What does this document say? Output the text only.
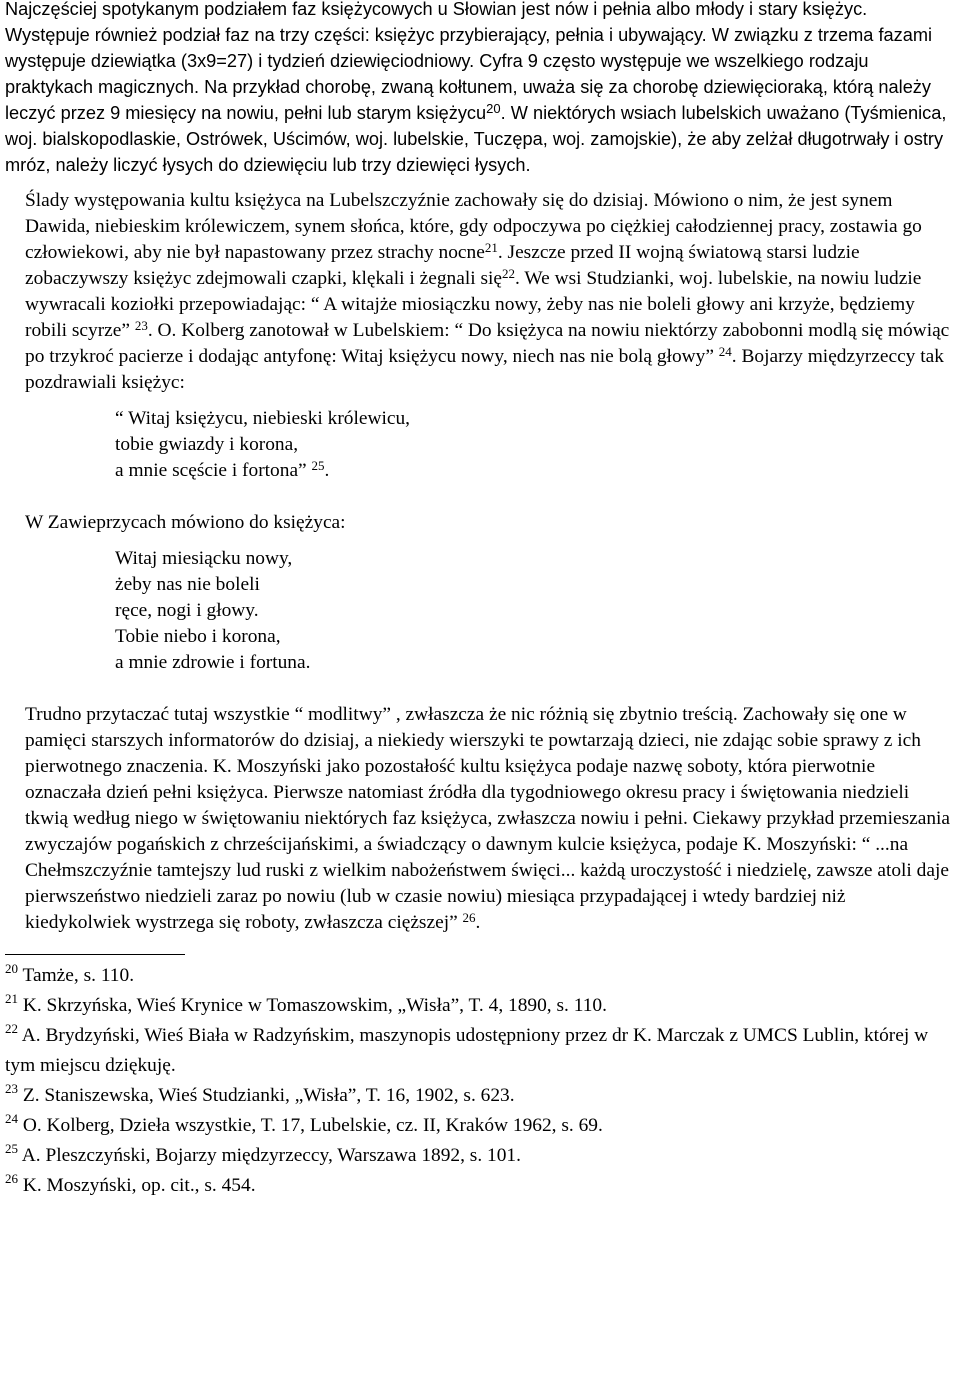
Najczęściej spotykanym podziałem faz księżycowych u Słowian jest nów i pełnia albo młody i stary księżyc. Występuje również podział faz na trzy części: księżyc przybierający, pełnia i ubywający. W związku z trzema fazami występuje dziewiątka (3x9=27) i tydzień dziewięciodniowy. Cyfra 9 często występuje we wszelkiego rodzaju praktykach magicznych. Na przykład chorobę, zwaną kołtunem, uważa się za chorobę dziewięcioraką, którą należy leczyć przez 9 miesięcy na nowiu, pełni lub starym księżycu$^{20}$. W niektórych wsiach lubelskich uważano (Tyśmienica, woj. bialskopodlaskie, Ostrówek, Uścimów, woj. lubelskie, Tuczępa, woj. zamojskie), że aby zelżał długotrwały i ostry mróz, należy liczyć łysych do dziewięciu lub trzy dziewięci łysych.

Ślady występowania kultu księżyca na Lubelszczyźnie zachowały się do dzisiaj. Mówiono o nim, że jest synem Dawida, niebieskim królewiczem, synem słońca, które, gdy odpoczywa po ciężkiej całodziennej pracy, zostawia go człowiekowi, aby nie był napastowany przez strachy nocne$^{21}$. Jeszcze przed II wojną światową starsi ludzie zobaczywszy księżyc zdejmowali czapki, klękali i żegnali się$^{22}$. We wsi Studzianki, woj. lubelskie, na nowiu ludzie wywracali koziołki przepowiadając: “ A witajże miosiączku nowy, żeby nas nie boleli głowy ani krzyże, będziemy robili scyrze” $^{23}$. O. Kolberg zanotował w Lubelskiem: “ Do księżyca na nowiu niektórzy zabobonni modlą się mówiąc po trzykroć pacierze i dodając antyfonę: Witaj księżycu nowy, niech nas nie bolą głowy” $^{24}$. Bojarzy międzyrzeccy tak pozdrawiali księżyc:

“ Witaj księżycu, niebieski królewicu,
tobie gwiazdy i korona,
a mnie scęście i fortona” $^{25}$.

W Zawieprzycach mówiono do księżyca:

Witaj miesiącku nowy,
żeby nas nie boleli
ręce, nogi i głowy.
Tobie niebo i korona,
a mnie zdrowie i fortuna.

Trudno przytaczać tutaj wszystkie “ modlitwy” , zwłaszcza że nic różnią się zbytnio treścią. Zachowały się one w pamięci starszych informatorów do dzisiaj, a niekiedy wierszyki te powtarzają dzieci, nie zdając sobie sprawy z ich pierwotnego znaczenia. K. Moszyński jako pozostałość kultu księżyca podaje nazwę soboty, która pierwotnie oznaczała dzień pełni księżyca. Pierwsze natomiast źródła dla tygodniowego okresu pracy i świętowania niedzieli tkwią według niego w świętowaniu niektórych faz księżyca, zwłaszcza nowiu i pełni. Ciekawy przykład przemieszania zwyczajów pogańskich z chrześcijańskimi, a świadczący o dawnym kulcie księżyca, podaje K. Moszyński: “ ...na Chełmszczyźnie tamtejszy lud ruski z wielkim nabożeństwem święci... każdą uroczystość i niedzielę, zawsze atoli daje pierwszeństwo niedzieli zaraz po nowiu (lub w czasie nowiu) miesiąca przypadającej i wtedy bardziej niż kiedykolwiek wystrzega się roboty, zwłaszcza cięższej” $^{26}$.

$^{20}$ Tamże, s. 110.
$^{21}$ K. Skrzyńska, Wieś Krynice w Tomaszowskim, „Wisła”, T. 4, 1890, s. 110.
$^{22}$ A. Brydzyński, Wieś Biała w Radzyńskim, maszynopis udostępniony przez dr K. Marczak z UMCS Lublin, której w tym miejscu dziękuję.
$^{23}$ Z. Staniszewska, Wieś Studzianki, „Wisła”, T. 16, 1902, s. 623.
$^{24}$ O. Kolberg, Dzieła wszystkie, T. 17, Lubelskie, cz. II, Kraków 1962, s. 69.
$^{25}$ A. Pleszczyński, Bojarzy międzyrzeccy, Warszawa 1892, s. 101.
$^{26}$ K. Moszyński, op. cit., s. 454.
